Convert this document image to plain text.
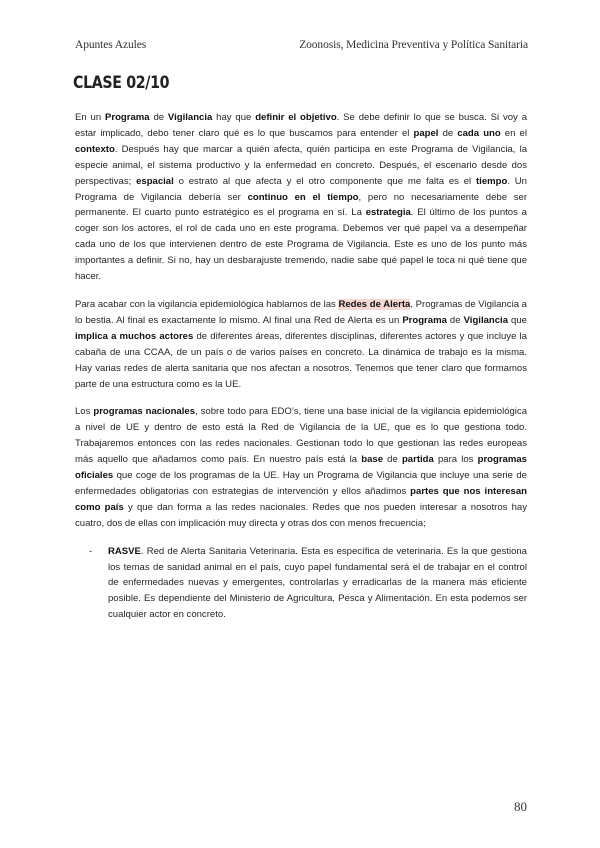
Apuntes Azules	Zoonosis, Medicina Preventiva y Política Sanitaria
CLASE 02/10

En un Programa de Vigilancia hay que definir el objetivo. Se debe definir lo que se busca. Si voy a estar implicado, debo tener claro qué es lo que buscamos para entender el papel de cada uno en el contexto. Después hay que marcar a quién afecta, quién participa en este Programa de Vigilancia, la especie animal, el sistema productivo y la enfermedad en concreto. Después, el escenario desde dos perspectivas; espacial o estrato al que afecta y el otro componente que me falta es el tiempo. Un Programa de Vigilancia debería ser continuo en el tiempo, pero no necesariamente debe ser permanente. El cuarto punto estratégico es el programa en sí. La estrategia. El último de los puntos a coger son los actores, el rol de cada uno en este programa. Debemos ver qué papel va a desempeñar cada uno de los que intervienen dentro de este Programa de Vigilancia. Este es uno de los punto más importantes a definir. Si no, hay un desbarajuste tremendo, nadie sabe qué papel le toca ni qué tiene que hacer.

Para acabar con la vigilancia epidemiológica hablamos de las Redes de Alerta, Programas de Vigilancia a lo bestia. Al final es exactamente lo mismo. Al final una Red de Alerta es un Programa de Vigilancia que implica a muchos actores de diferentes áreas, diferentes disciplinas, diferentes actores y que incluye la cabaña de una CCAA, de un país o de varios países en concreto. La dinámica de trabajo es la misma. Hay varias redes de alerta sanitaria que nos afectan a nosotros. Tenemos que tener claro que formamos parte de una estructura como es la UE.

Los programas nacionales, sobre todo para EDO’s, tiene una base inicial de la vigilancia epidemiológica a nivel de UE y dentro de esto está la Red de Vigilancia de la UE, que es lo que gestiona todo. Trabajaremos entonces con las redes nacionales. Gestionan todo lo que gestionan las redes europeas más aquello que añadamos como país. En nuestro país está la base de partida para los programas oficiales que coge de los programas de la UE. Hay un Programa de Vigilancia que incluye una serie de enfermedades obligatorias con estrategias de intervención y ellos añadimos partes que nos interesan como país y que dan forma a las redes nacionales. Redes que nos pueden interesar a nosotros hay cuatro, dos de ellas con implicación muy directa y otras dos con menos frecuencia;

- RASVE. Red de Alerta Sanitaria Veterinaria. Esta es específica de veterinaria. Es la que gestiona los temas de sanidad animal en el país, cuyo papel fundamental será el de trabajar en el control de enfermedades nuevas y emergentes, controlarlas y erradicarlas de la manera más eficiente posible. Es dependiente del Ministerio de Agricultura, Pesca y Alimentación. En esta podemos ser cualquier actor en concreto.
80
